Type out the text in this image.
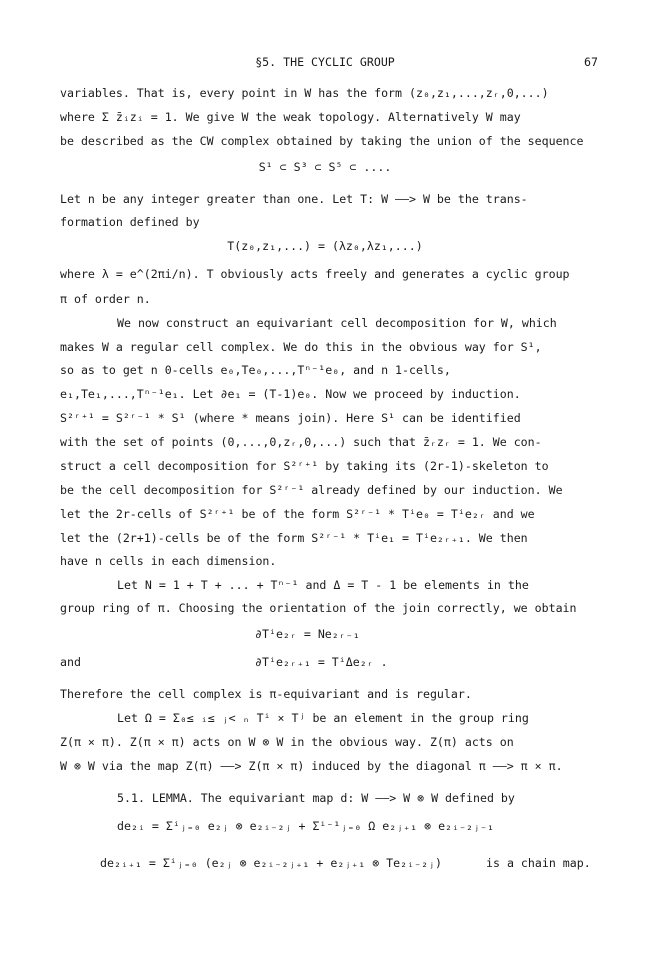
§5. THE CYCLIC GROUP	67
variables. That is, every point in W has the form (z₀,z₁,...,zᵣ,0,...)
where Σ z̄ᵢzᵢ = 1. We give W the weak topology. Alternatively W may
be described as the CW complex obtained by taking the union of the sequence
S¹ ⊂ S³ ⊂ S⁵ ⊂ ....
Let n be any integer greater than one. Let T: W ——> W be the trans-
formation defined by
T(z₀,z₁,...) = (λz₀,λz₁,...)
where λ = e^(2πi/n). T obviously acts freely and generates a cyclic group
π of order n.
We now construct an equivariant cell decomposition for W, which
makes W a regular cell complex. We do this in the obvious way for S¹,
so as to get n 0-cells e₀,Te₀,...,Tⁿ⁻¹e₀, and n 1-cells,
e₁,Te₁,...,Tⁿ⁻¹e₁. Let ∂e₁ = (T-1)e₀. Now we proceed by induction.
S²ʳ⁺¹ = S²ʳ⁻¹ * S¹ (where * means join). Here S¹ can be identified
with the set of points (0,...,0,zᵣ,0,...) such that z̄ᵣzᵣ = 1. We con-
struct a cell decomposition for S²ʳ⁺¹ by taking its (2r-1)-skeleton to
be the cell decomposition for S²ʳ⁻¹ already defined by our induction. We
let the 2r-cells of S²ʳ⁺¹ be of the form S²ʳ⁻¹ * Tⁱe₀ = Tⁱe₂ᵣ and we
let the (2r+1)-cells be of the form S²ʳ⁻¹ * Tⁱe₁ = Tⁱe₂ᵣ₊₁. We then
have n cells in each dimension.
Let N = 1 + T + ... + Tⁿ⁻¹ and Δ = T - 1 be elements in the
group ring of π. Choosing the orientation of the join correctly, we obtain
∂Tⁱe₂ᵣ = Ne₂ᵣ₋₁
and	∂Tⁱe₂ᵣ₊₁ = TⁱΔe₂ᵣ .
Therefore the cell complex is π-equivariant and is regular.
Let Ω = Σ₀≤ ᵢ≤ ⱼ< ₙ Tⁱ × Tʲ be an element in the group ring
Z(π × π). Z(π × π) acts on W ⊗ W in the obvious way. Z(π) acts on
W ⊗ W via the map Z(π) ——> Z(π × π) induced by the diagonal π ——> π × π.
5.1. LEMMA. The equivariant map d: W ——> W ⊗ W defined by
de₂ᵢ = Σⁱⱼ₌₀ e₂ⱼ ⊗ e₂ᵢ₋₂ⱼ + Σⁱ⁻¹ⱼ₌₀ Ω e₂ⱼ₊₁ ⊗ e₂ᵢ₋₂ⱼ₋₁
de₂ᵢ₊₁ = Σⁱⱼ₌₀ (e₂ⱼ ⊗ e₂ᵢ₋₂ⱼ₊₁ + e₂ⱼ₊₁ ⊗ Te₂ᵢ₋₂ⱼ)	is a chain map.
